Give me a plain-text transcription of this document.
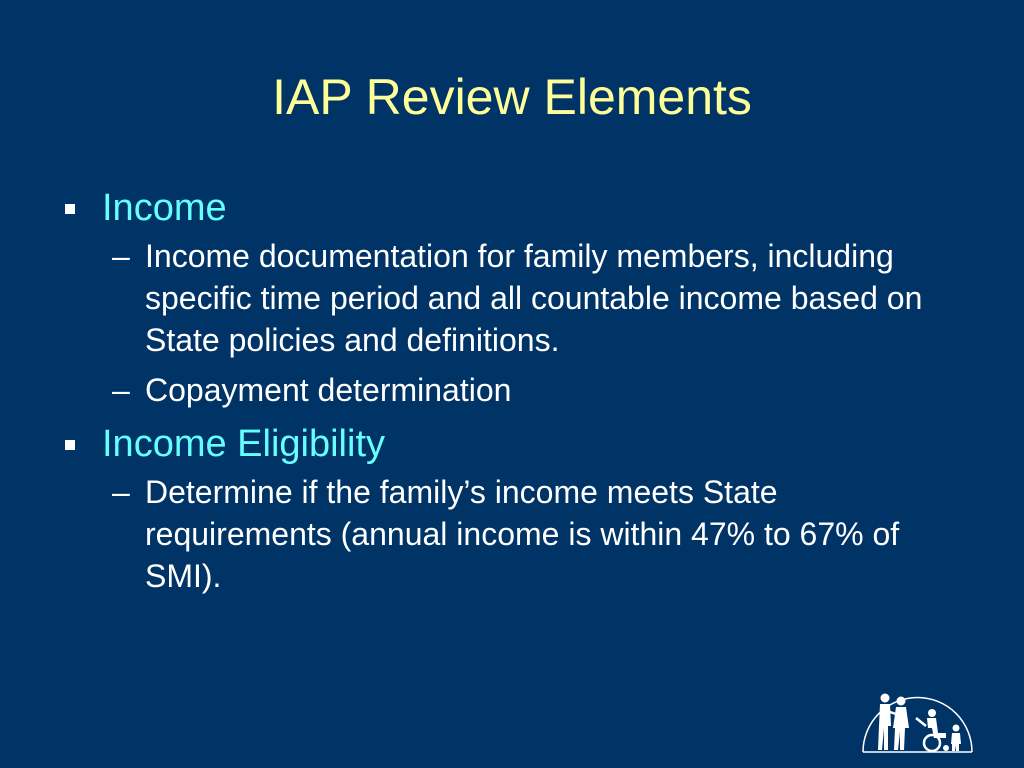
IAP Review Elements
Income
– Income documentation for family members, including specific time period and all countable income based on State policies and definitions.
– Copayment determination
Income Eligibility
– Determine if the family’s income meets State requirements (annual income is within 47% to 67% of SMI).
